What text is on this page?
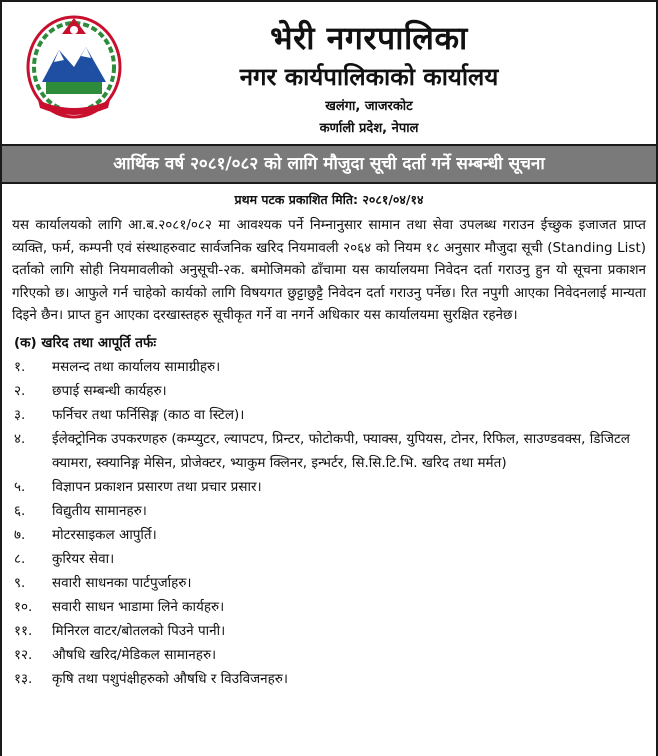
भेरी नगरपालिका
नगर कार्यपालिकाको कार्यालय
खलंगा, जाजरकोट
कर्णाली प्रदेश, नेपाल
आर्थिक वर्ष २०८१/०८२ को लागि मौजुदा सूची दर्ता गर्ने सम्बन्धी सूचना
प्रथम पटक प्रकाशित मिति: २०८१/०४/१४

यस कार्यालयको लागि आ.ब.२०८१/०८२ मा आवश्यक पर्ने निम्नानुसार सामान तथा सेवा उपलब्ध गराउन ईच्छुक इजाजत प्राप्त व्यक्ति, फर्म, कम्पनी एवं संस्थाहरुवाट सार्वजनिक खरिद नियमावली २०६४ को नियम १८ अनुसार मौजुदा सूची (Standing List) दर्ताको लागि सोही नियमावलीको अनुसूची-२क. बमोजिमको ढाँचामा यस कार्यालयमा निवेदन दर्ता गराउनु हुन यो सूचना प्रकाशन गरिएको छ। आफुले गर्न चाहेको कार्यको लागि विषयगत छुट्टाछुट्टै निवेदन दर्ता गराउनु पर्नेछ। रित नपुगी आएका निवेदनलाई मान्यता दिइने छैन। प्राप्त हुन आएका दरखास्तहरु सूचीकृत गर्ने वा नगर्ने अधिकार यस कार्यालयमा सुरक्षित रहनेछ।

(क) खरिद तथा आपूर्ति तर्फः
१.	मसलन्द तथा कार्यालय सामाग्रीहरु।
२.	छपाई सम्बन्धी कार्यहरु।
३.	फर्निचर तथा फर्निसिङ्ग (काठ वा स्टिल)।
४.	ईलेक्ट्रोनिक उपकरणहरु (कम्प्युटर, ल्यापटप, प्रिन्टर, फोटोकपी, फ्याक्स, युपियस, टोनर, रिफिल, साउण्डवक्स, डिजिटल क्यामरा, स्क्यानिङ्ग मेसिन, प्रोजेक्टर, भ्याकुम क्लिनर, इन्भर्टर, सि.सि.टि.भि. खरिद तथा मर्मत)
५.	विज्ञापन प्रकाशन प्रसारण तथा प्रचार प्रसार।
६.	विद्युतीय सामानहरु।
७.	मोटरसाइकल आपुर्ति।
८.	कुरियर सेवा।
९.	सवारी साधनका पार्टपुर्जाहरु।
१०.	सवारी साधन भाडामा लिने कार्यहरु।
११.	मिनिरल वाटर/बोतलको पिउने पानी।
१२.	औषधि खरिद/मेडिकल सामानहरु।
१३.	कृषि तथा पशुपंक्षीहरुको औषधि र विउविजनहरु।
